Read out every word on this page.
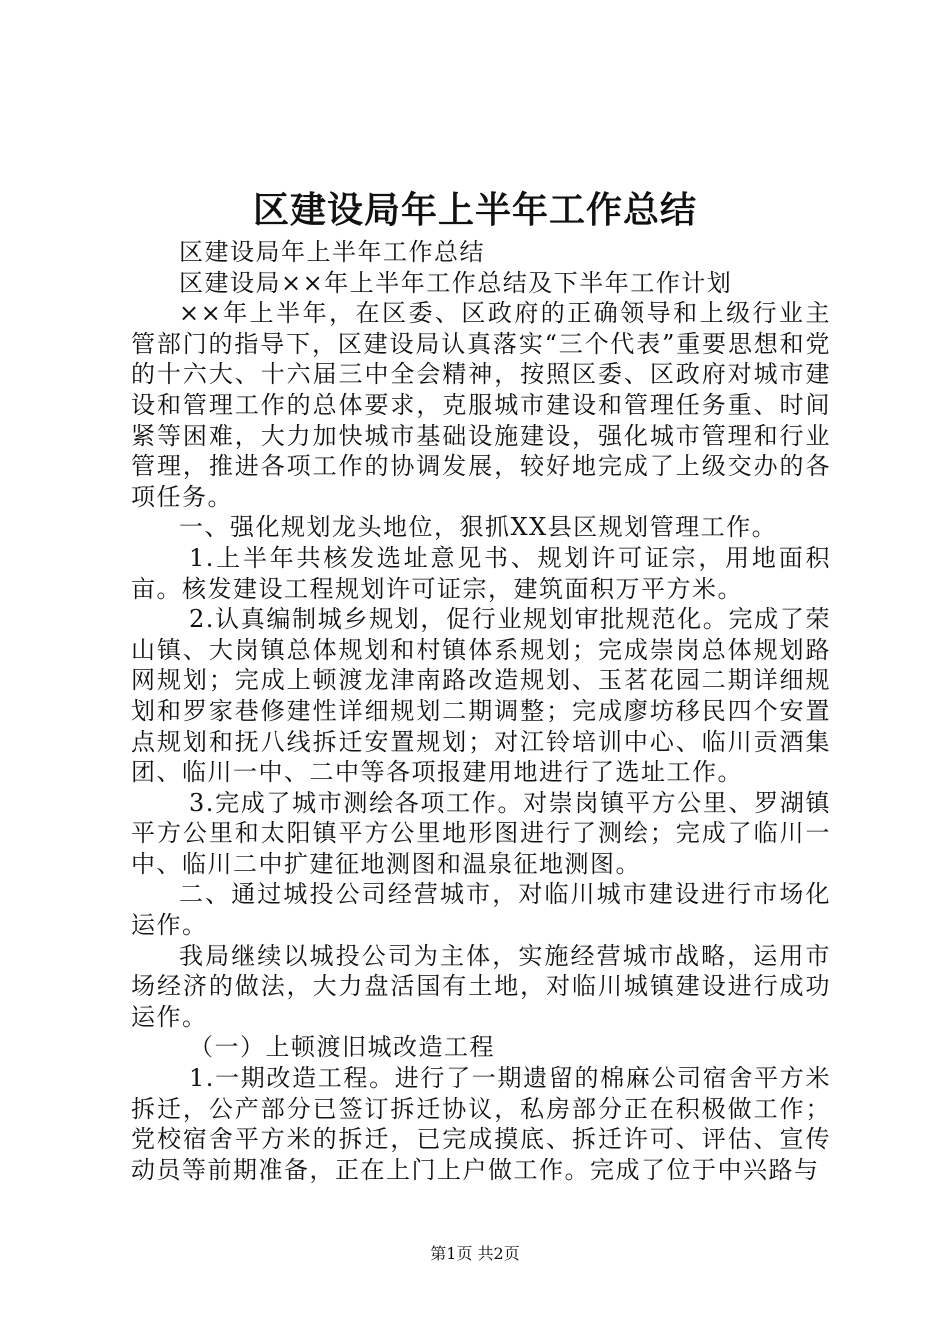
区建设局年上半年工作总结

区建设局年上半年工作总结

区建设局××年上半年工作总结及下半年工作计划

××年上半年，在区委、区政府的正确领导和上级行业主管部门的指导下，区建设局认真落实“三个代表”重要思想和党的十六大、十六届三中全会精神，按照区委、区政府对城市建设和管理工作的总体要求，克服城市建设和管理任务重、时间紧等困难，大力加快城市基础设施建设，强化城市管理和行业管理，推进各项工作的协调发展，较好地完成了上级交办的各项任务。

一、强化规划龙头地位，狠抓XX县区规划管理工作。

1.上半年共核发选址意见书、规划许可证宗，用地面积亩。核发建设工程规划许可证宗，建筑面积万平方米。

2.认真编制城乡规划，促行业规划审批规范化。完成了荣山镇、大岗镇总体规划和村镇体系规划；完成崇岗总体规划路网规划；完成上顿渡龙津南路改造规划、玉茗花园二期详细规划和罗家巷修建性详细规划二期调整；完成廖坊移民四个安置点规划和抚八线拆迁安置规划；对江铃培训中心、临川贡酒集团、临川一中、二中等各项报建用地进行了选址工作。

3.完成了城市测绘各项工作。对崇岗镇平方公里、罗湖镇平方公里和太阳镇平方公里地形图进行了测绘；完成了临川一中、临川二中扩建征地测图和温泉征地测图。

二、通过城投公司经营城市，对临川城市建设进行市场化运作。

我局继续以城投公司为主体，实施经营城市战略，运用市场经济的做法，大力盘活国有土地，对临川城镇建设进行成功运作。

（一）上顿渡旧城改造工程

1.一期改造工程。进行了一期遗留的棉麻公司宿舍平方米拆迁，公产部分已签订拆迁协议，私房部分正在积极做工作；党校宿舍平方米的拆迁，已完成摸底、拆迁许可、评估、宣传动员等前期准备，正在上门上户做工作。完成了位于中兴路与

第1页 共2页
